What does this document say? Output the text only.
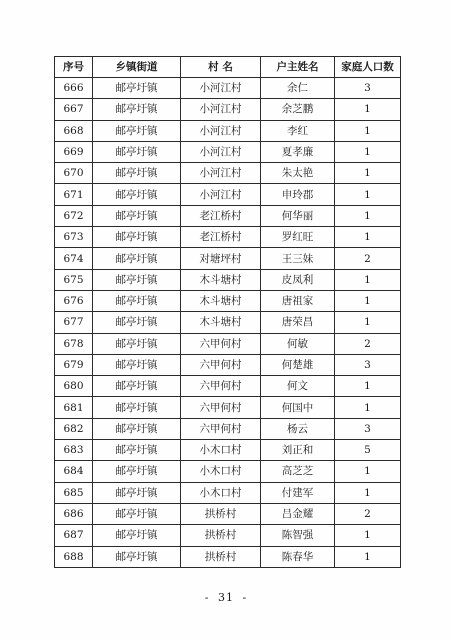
序号	乡镇街道	村 名	户主姓名	家庭人口数
666	邮亭圩镇	小河江村	余仁	3
667	邮亭圩镇	小河江村	余芝鹏	1
668	邮亭圩镇	小河江村	李红	1
669	邮亭圩镇	小河江村	夏孝廉	1
670	邮亭圩镇	小河江村	朱太艳	1
671	邮亭圩镇	小河江村	申玲郡	1
672	邮亭圩镇	老江桥村	何华丽	1
673	邮亭圩镇	老江桥村	罗红旺	1
674	邮亭圩镇	对塘坪村	王三妹	2
675	邮亭圩镇	木斗塘村	皮凤利	1
676	邮亭圩镇	木斗塘村	唐祖家	1
677	邮亭圩镇	木斗塘村	唐荣昌	1
678	邮亭圩镇	六甲何村	何敏	2
679	邮亭圩镇	六甲何村	何楚雄	3
680	邮亭圩镇	六甲何村	何文	1
681	邮亭圩镇	六甲何村	何国中	1
682	邮亭圩镇	六甲何村	杨云	3
683	邮亭圩镇	小木口村	刘正和	5
684	邮亭圩镇	小木口村	高芝芝	1
685	邮亭圩镇	小木口村	付建军	1
686	邮亭圩镇	拱桥村	吕金耀	2
687	邮亭圩镇	拱桥村	陈智强	1
688	邮亭圩镇	拱桥村	陈春华	1
- 31 -
